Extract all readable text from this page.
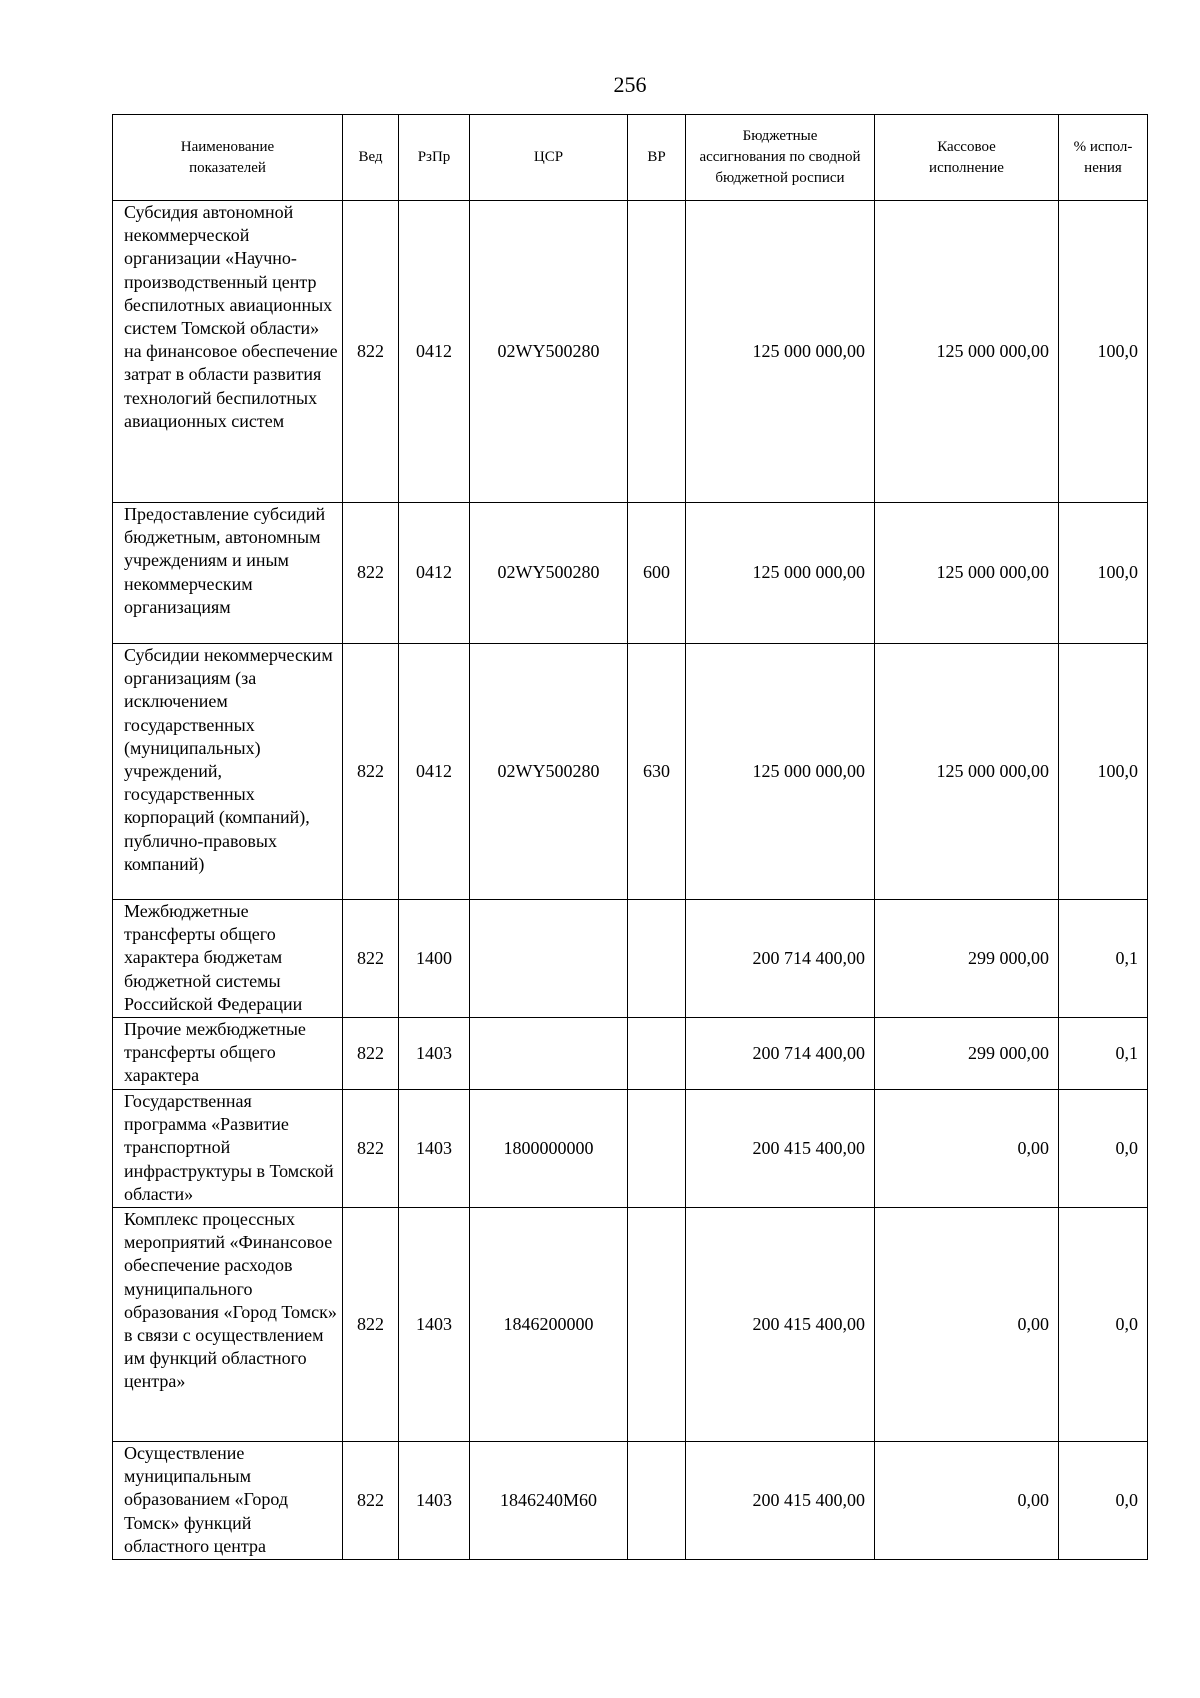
256
Наименование показателей	Вед	РзПр	ЦСР	ВР	Бюджетные ассигнования по сводной бюджетной росписи	Кассовое исполнение	% испол-нения
Субсидия автономной некоммерческой организации «Научно-производственный центр беспилотных авиационных систем Томской области» на финансовое обеспечение затрат в области развития технологий беспилотных авиационных систем	822	0412	02WY500280		125 000 000,00	125 000 000,00	100,0
Предоставление субсидий бюджетным, автономным учреждениям и иным некоммерческим организациям	822	0412	02WY500280	600	125 000 000,00	125 000 000,00	100,0
Субсидии некоммерческим организациям (за исключением государственных (муниципальных) учреждений, государственных корпораций (компаний), публично-правовых компаний)	822	0412	02WY500280	630	125 000 000,00	125 000 000,00	100,0
Межбюджетные трансферты общего характера бюджетам бюджетной системы Российской Федерации	822	1400			200 714 400,00	299 000,00	0,1
Прочие межбюджетные трансферты общего характера	822	1403			200 714 400,00	299 000,00	0,1
Государственная программа «Развитие транспортной инфраструктуры в Томской области»	822	1403	1800000000		200 415 400,00	0,00	0,0
Комплекс процессных мероприятий «Финансовое обеспечение расходов муниципального образования «Город Томск» в связи с осуществлением им функций областного центра»	822	1403	1846200000		200 415 400,00	0,00	0,0
Осуществление муниципальным образованием «Город Томск» функций областного центра	822	1403	1846240М60		200 415 400,00	0,00	0,0
